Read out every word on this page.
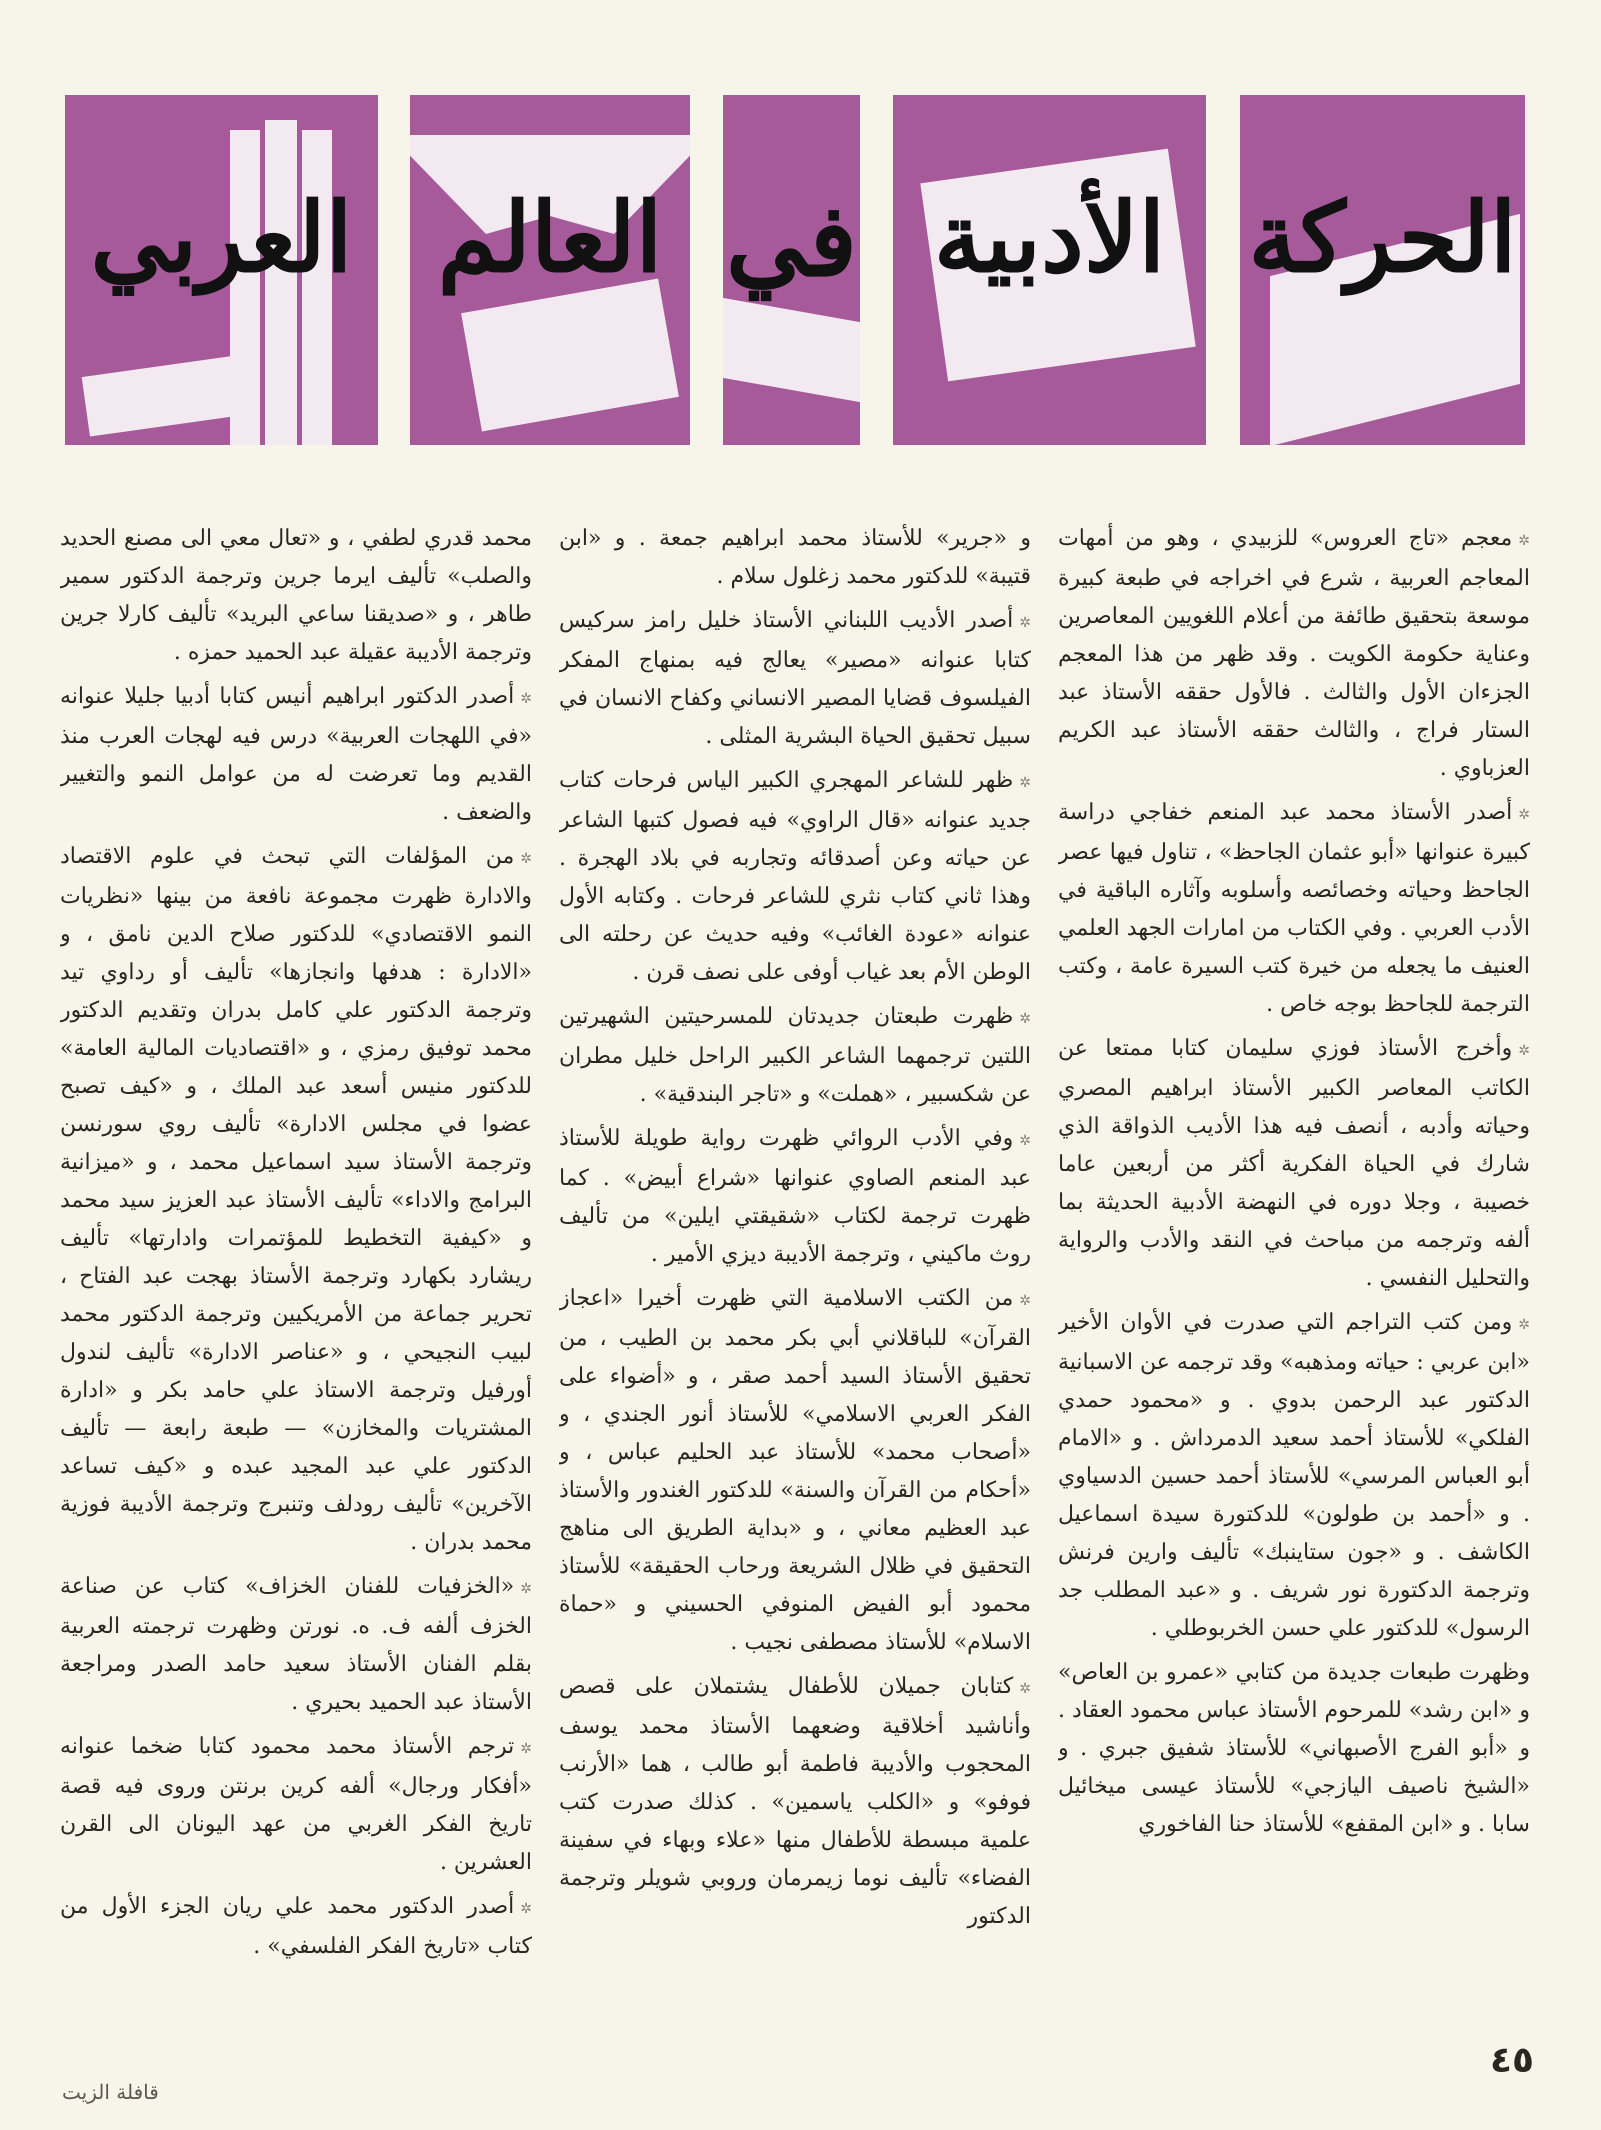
الحركة
الأدبية
في
العالم
العربي

✲معجم «تاج العروس» للزبيدي ، وهو من أمهات المعاجم العربية ، شرع في اخراجه في طبعة كبيرة موسعة بتحقيق طائفة من أعلام اللغويين المعاصرين وعناية حكومة الكويت . وقد ظهر من هذا المعجم الجزءان الأول والثالث . فالأول حققه الأستاذ عبد الستار فراج ، والثالث حققه الأستاذ عبد الكريم العزباوي .

✲أصدر الأستاذ محمد عبد المنعم خفاجي دراسة كبيرة عنوانها «أبو عثمان الجاحظ» ، تناول فيها عصر الجاحظ وحياته وخصائصه وأسلوبه وآثاره الباقية في الأدب العربي . وفي الكتاب من امارات الجهد العلمي العنيف ما يجعله من خيرة كتب السيرة عامة ، وكتب الترجمة للجاحظ بوجه خاص .

✲وأخرج الأستاذ فوزي سليمان كتابا ممتعا عن الكاتب المعاصر الكبير الأستاذ ابراهيم المصري وحياته وأدبه ، أنصف فيه هذا الأديب الذواقة الذي شارك في الحياة الفكرية أكثر من أربعين عاما خصيبة ، وجلا دوره في النهضة الأدبية الحديثة بما ألفه وترجمه من مباحث في النقد والأدب والرواية والتحليل النفسي .

✲ومن كتب التراجم التي صدرت في الأوان الأخير «ابن عربي : حياته ومذهبه» وقد ترجمه عن الاسبانية الدكتور عبد الرحمن بدوي . و «محمود حمدي الفلكي» للأستاذ أحمد سعيد الدمرداش . و «الامام أبو العباس المرسي» للأستاذ أحمد حسين الدسياوي . و «أحمد بن طولون» للدكتورة سيدة اسماعيل الكاشف . و «جون ستاينبك» تأليف وارين فرنش وترجمة الدكتورة نور شريف . و «عبد المطلب جد الرسول» للدكتور علي حسن الخربوطلي .

وظهرت طبعات جديدة من كتابي «عمرو بن العاص» و «ابن رشد» للمرحوم الأستاذ عباس محمود العقاد . و «أبو الفرج الأصبهاني» للأستاذ شفيق جبري . و «الشيخ ناصيف اليازجي» للأستاذ عيسى ميخائيل سابا . و «ابن المقفع» للأستاذ حنا الفاخوري

و «جرير» للأستاذ محمد ابراهيم جمعة . و «ابن قتيبة» للدكتور محمد زغلول سلام .

✲أصدر الأديب اللبناني الأستاذ خليل رامز سركيس كتابا عنوانه «مصير» يعالج فيه بمنهاج المفكر الفيلسوف قضايا المصير الانساني وكفاح الانسان في سبيل تحقيق الحياة البشرية المثلى .

✲ظهر للشاعر المهجري الكبير الياس فرحات كتاب جديد عنوانه «قال الراوي» فيه فصول كتبها الشاعر عن حياته وعن أصدقائه وتجاربه في بلاد الهجرة . وهذا ثاني كتاب نثري للشاعر فرحات . وكتابه الأول عنوانه «عودة الغائب» وفيه حديث عن رحلته الى الوطن الأم بعد غياب أوفى على نصف قرن .

✲ظهرت طبعتان جديدتان للمسرحيتين الشهيرتين اللتين ترجمهما الشاعر الكبير الراحل خليل مطران عن شكسبير ، «هملت» و «تاجر البندقية» .

✲وفي الأدب الروائي ظهرت رواية طويلة للأستاذ عبد المنعم الصاوي عنوانها «شراع أبيض» . كما ظهرت ترجمة لكتاب «شقيقتي ايلين» من تأليف روث ماكيني ، وترجمة الأديبة ديزي الأمير .

✲من الكتب الاسلامية التي ظهرت أخيرا «اعجاز القرآن» للباقلاني أبي بكر محمد بن الطيب ، من تحقيق الأستاذ السيد أحمد صقر ، و «أضواء على الفكر العربي الاسلامي» للأستاذ أنور الجندي ، و «أصحاب محمد» للأستاذ عبد الحليم عباس ، و «أحكام من القرآن والسنة» للدكتور الغندور والأستاذ عبد العظيم معاني ، و «بداية الطريق الى مناهج التحقيق في ظلال الشريعة ورحاب الحقيقة» للأستاذ محمود أبو الفيض المنوفي الحسيني و «حماة الاسلام» للأستاذ مصطفى نجيب .

✲كتابان جميلان للأطفال يشتملان على قصص وأناشيد أخلاقية وضعهما الأستاذ محمد يوسف المحجوب والأديبة فاطمة أبو طالب ، هما «الأرنب فوفو» و «الكلب ياسمين» . كذلك صدرت كتب علمية مبسطة للأطفال منها «علاء وبهاء في سفينة الفضاء» تأليف نوما زيمرمان وروبي شويلر وترجمة الدكتور

محمد قدري لطفي ، و «تعال معي الى مصنع الحديد والصلب» تأليف ايرما جرين وترجمة الدكتور سمير طاهر ، و «صديقنا ساعي البريد» تأليف كارلا جرين وترجمة الأديبة عقيلة عبد الحميد حمزه .

✲أصدر الدكتور ابراهيم أنيس كتابا أدبيا جليلا عنوانه «في اللهجات العربية» درس فيه لهجات العرب منذ القديم وما تعرضت له من عوامل النمو والتغيير والضعف .

✲من المؤلفات التي تبحث في علوم الاقتصاد والادارة ظهرت مجموعة نافعة من بينها «نظريات النمو الاقتصادي» للدكتور صلاح الدين نامق ، و «الادارة : هدفها وانجازها» تأليف أو رداوي تيد وترجمة الدكتور علي كامل بدران وتقديم الدكتور محمد توفيق رمزي ، و «اقتصاديات المالية العامة» للدكتور منيس أسعد عبد الملك ، و «كيف تصبح عضوا في مجلس الادارة» تأليف روي سورنسن وترجمة الأستاذ سيد اسماعيل محمد ، و «ميزانية البرامج والاداء» تأليف الأستاذ عبد العزيز سيد محمد و «كيفية التخطيط للمؤتمرات وادارتها» تأليف ريشارد بكهارد وترجمة الأستاذ بهجت عبد الفتاح ، تحرير جماعة من الأمريكيين وترجمة الدكتور محمد لبيب النجيحي ، و «عناصر الادارة» تأليف لندول أورفيل وترجمة الاستاذ علي حامد بكر و «ادارة المشتريات والمخازن» — طبعة رابعة — تأليف الدكتور علي عبد المجيد عبده و «كيف تساعد الآخرين» تأليف رودلف وتنبرج وترجمة الأديبة فوزية محمد بدران .

✲«الخزفيات للفنان الخزاف» كتاب عن صناعة الخزف ألفه ف. ه. نورتن وظهرت ترجمته العربية بقلم الفنان الأستاذ سعيد حامد الصدر ومراجعة الأستاذ عبد الحميد بحيري .

✲ترجم الأستاذ محمد محمود كتابا ضخما عنوانه «أفكار ورجال» ألفه كرين برنتن وروى فيه قصة تاريخ الفكر الغربي من عهد اليونان الى القرن العشرين .

✲أصدر الدكتور محمد علي ريان الجزء الأول من كتاب «تاريخ الفكر الفلسفي» .

٤٥
قافلة الزيت
